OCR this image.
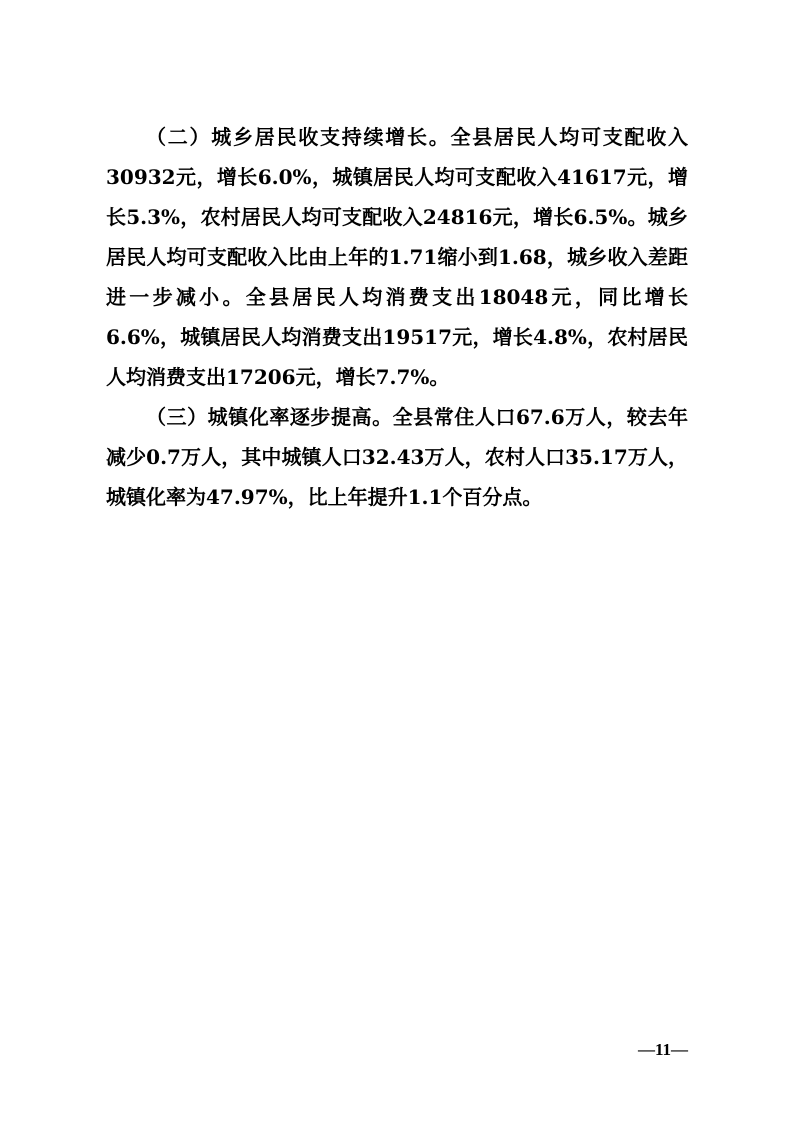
（二）城乡居民收支持续增长。全县居民人均可支配收入30932元，增长6.0%，城镇居民人均可支配收入41617元，增长5.3%，农村居民人均可支配收入24816元，增长6.5%。城乡居民人均可支配收入比由上年的1.71缩小到1.68，城乡收入差距进一步减小。全县居民人均消费支出18048元，同比增长6.6%，城镇居民人均消费支出19517元，增长4.8%，农村居民人均消费支出17206元，增长7.7%。

（三）城镇化率逐步提高。全县常住人口67.6万人，较去年减少0.7万人，其中城镇人口32.43万人，农村人口35.17万人，城镇化率为47.97%，比上年提升1.1个百分点。

—11—
